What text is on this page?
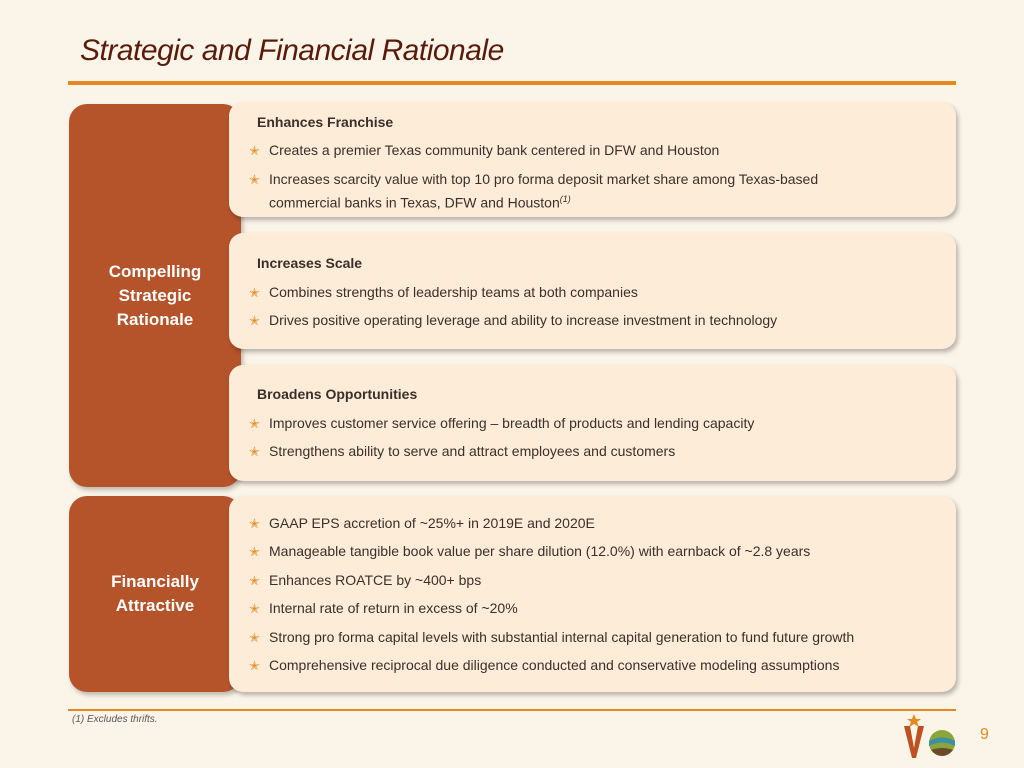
Strategic and Financial Rationale
Compelling
Strategic
Rationale
Enhances Franchise
✭ Creates a premier Texas community bank centered in DFW and Houston
✭ Increases scarcity value with top 10 pro forma deposit market share among Texas-based
commercial banks in Texas, DFW and Houston$^{(1)}$
Increases Scale
✭ Combines strengths of leadership teams at both companies
✭ Drives positive operating leverage and ability to increase investment in technology
Broadens Opportunities
✭ Improves customer service offering – breadth of products and lending capacity
✭ Strengthens ability to serve and attract employees and customers
Financially
Attractive
✭ GAAP EPS accretion of ~25%+ in 2019E and 2020E
✭ Manageable tangible book value per share dilution (12.0%) with earnback of ~2.8 years
✭ Enhances ROATCE by ~400+ bps
✭ Internal rate of return in excess of ~20%
✭ Strong pro forma capital levels with substantial internal capital generation to fund future growth
✭ Comprehensive reciprocal due diligence conducted and conservative modeling assumptions
(1) Excludes thrifts.
9
